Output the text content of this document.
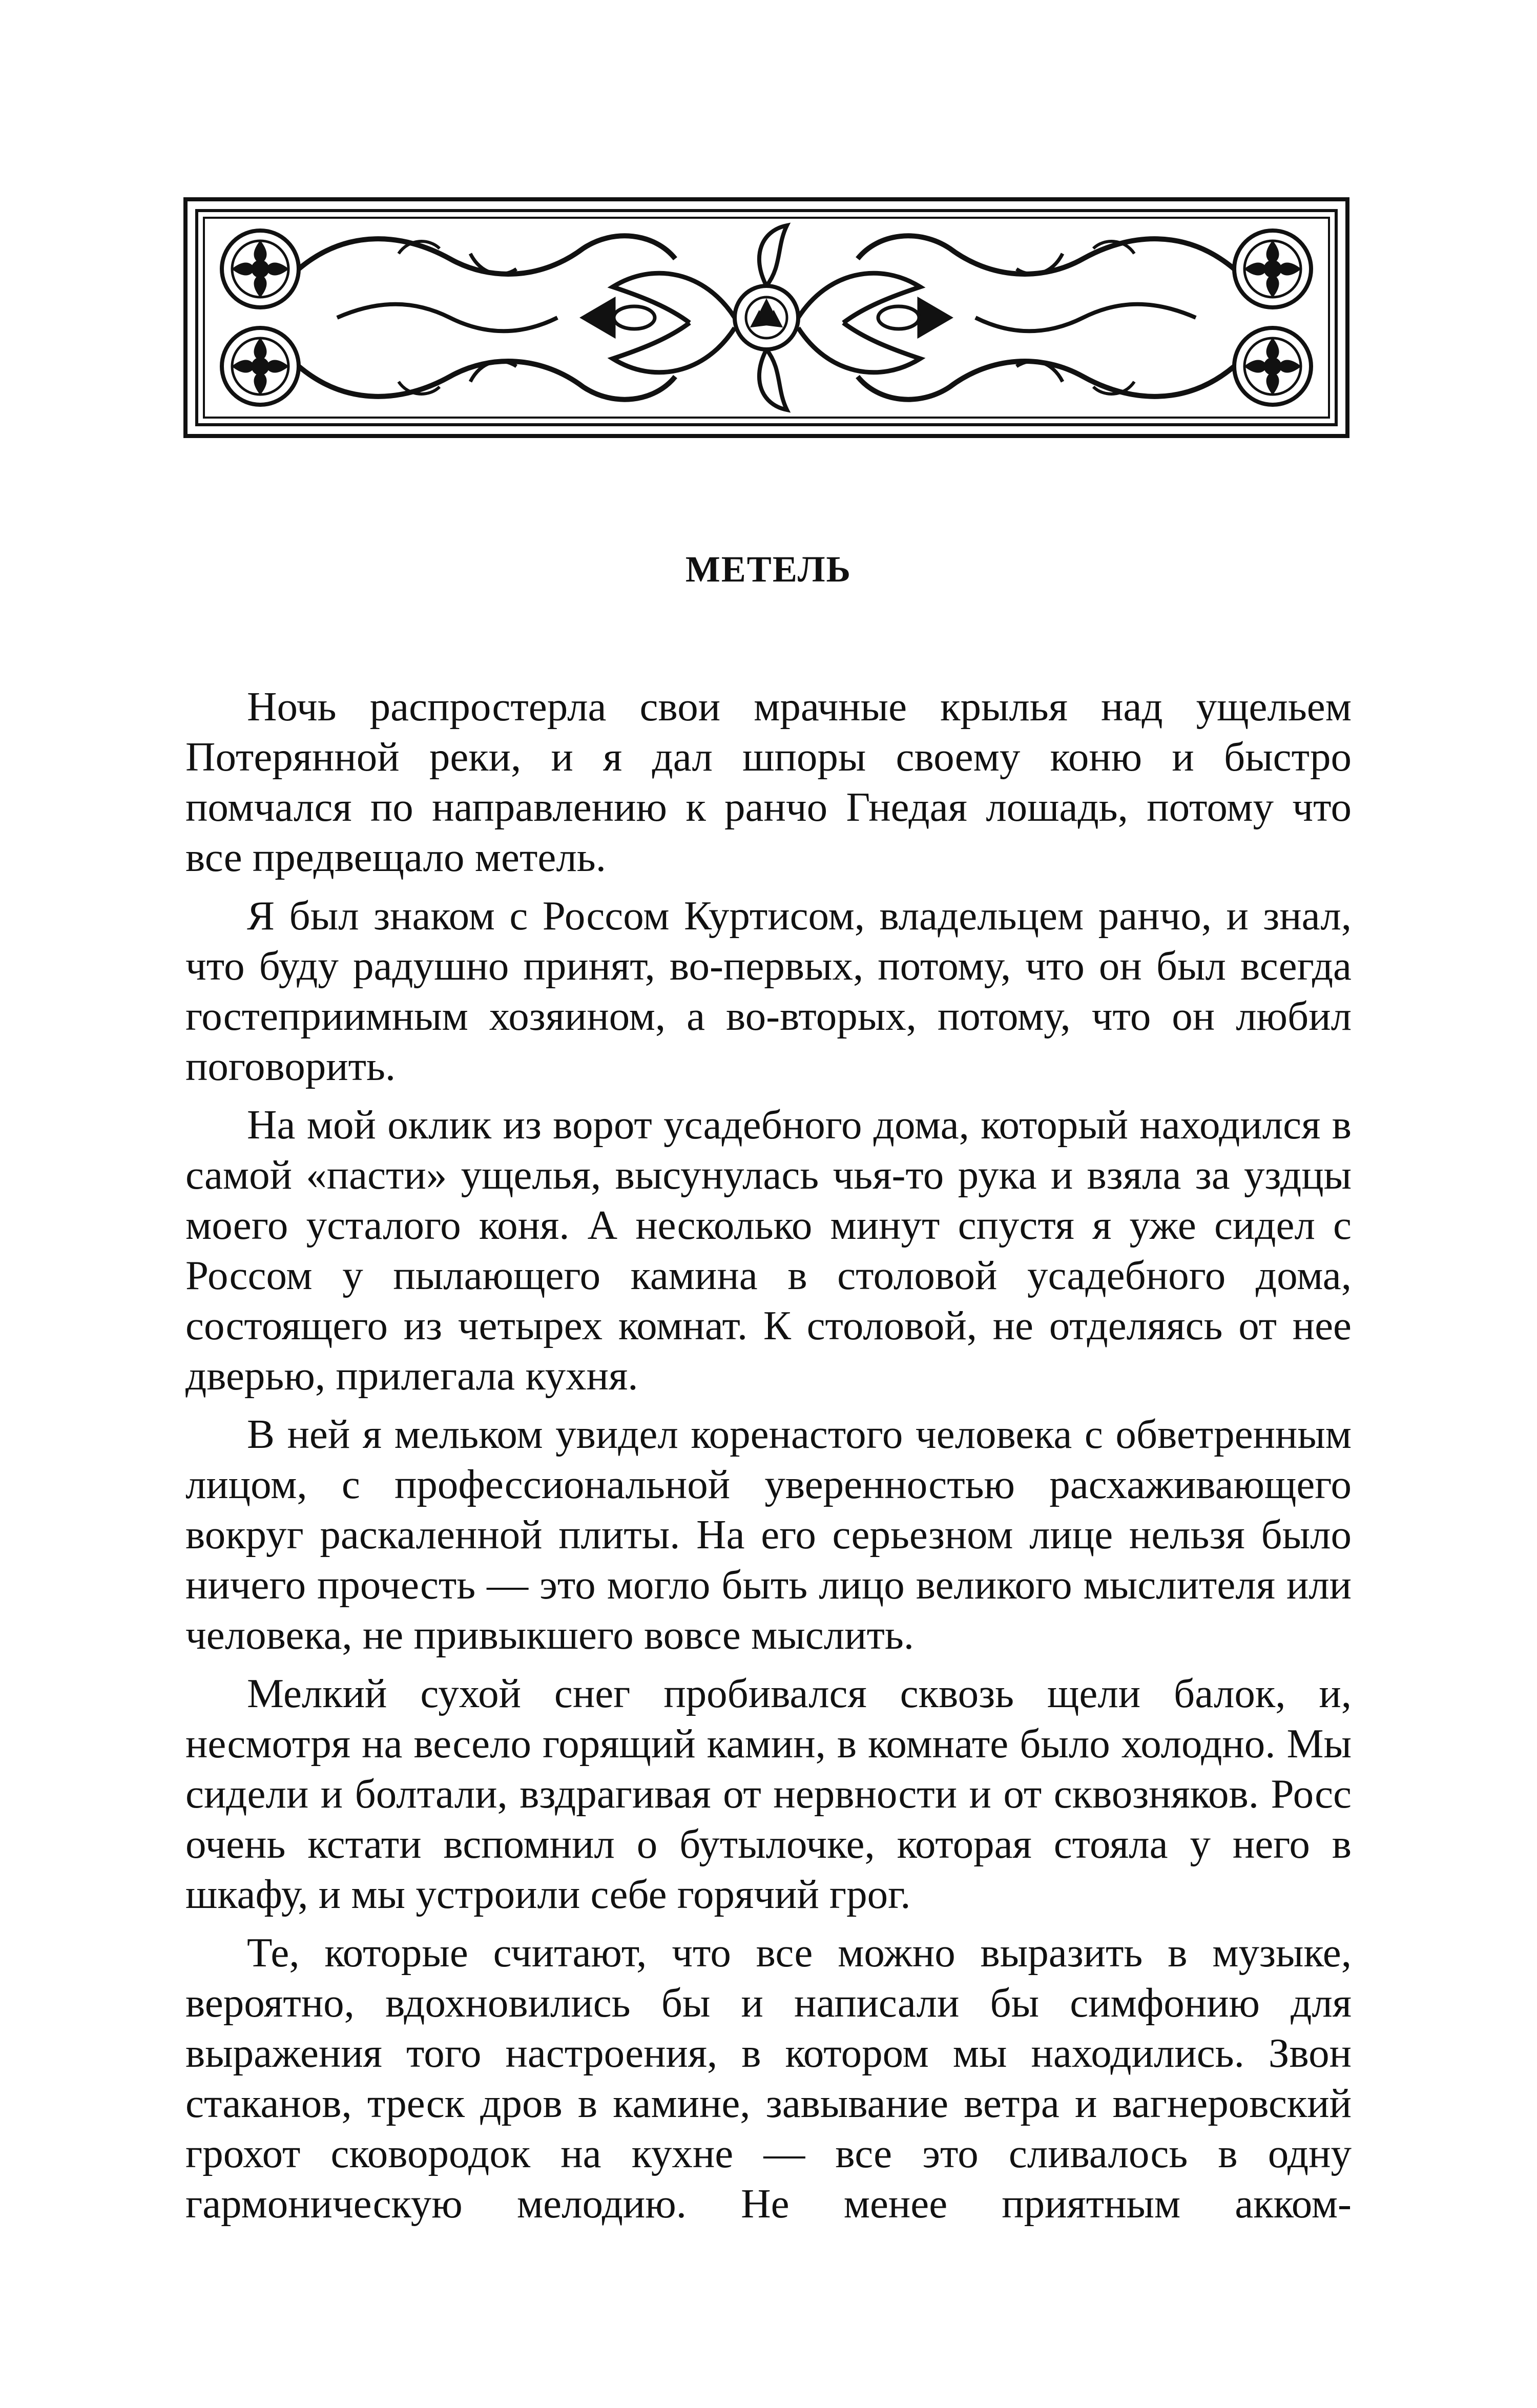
МЕТЕЛЬ

Ночь распростерла свои мрачные крылья над ущельем Потерянной реки, и я дал шпоры своему коню и быстро помчался по направлению к ранчо Гнедая лошадь, потому что все предвещало метель.

Я был знаком с Россом Куртисом, владельцем ранчо, и знал, что буду радушно принят, во-первых, потому, что он был всегда гостеприимным хозяином, а во-вторых, потому, что он любил поговорить.

На мой оклик из ворот усадебного дома, который находился в самой «пасти» ущелья, высунулась чья-то рука и взяла за уздцы моего усталого коня. А несколько минут спустя я уже сидел с Россом у пылающего камина в столовой усадебного дома, состоящего из четырех комнат. К столовой, не отделяясь от нее дверью, прилегала кухня.

В ней я мельком увидел коренастого человека с обветренным лицом, с профессиональной уверенностью расхаживающего вокруг раскаленной плиты. На его серьезном лице нельзя было ничего прочесть — это могло быть лицо великого мыслителя или человека, не привыкшего вовсе мыслить.

Мелкий сухой снег пробивался сквозь щели балок, и, несмотря на весело горящий камин, в комнате было холодно. Мы сидели и болтали, вздрагивая от нервности и от сквозняков. Росс очень кстати вспомнил о бутылочке, которая стояла у него в шкафу, и мы устроили себе горячий грог.

Те, которые считают, что все можно выразить в музыке, вероятно, вдохновились бы и написали бы симфонию для выражения того настроения, в котором мы находились. Звон стаканов, треск дров в камине, завывание ветра и вагнеровский грохот сковородок на кухне — все это сливалось в одну гармоническую мелодию. Не менее приятным акком-
